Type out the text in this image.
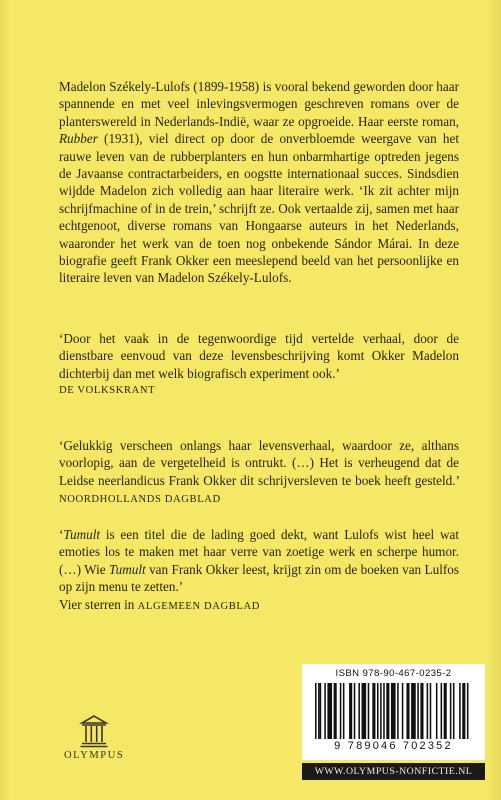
Madelon Székely-Lulofs (1899-1958) is vooral bekend geworden door haar spannende en met veel inlevingsvermogen geschreven romans over de planterswereld in Nederlands-Indië, waar ze opgroeide. Haar eerste roman, Rubber (1931), viel direct op door de onverbloemde weergave van het rauwe leven van de rubberplanters en hun onbarmhartige optreden jegens de Javaanse contractarbeiders, en oogstte internationaal succes. Sindsdien wijdde Madelon zich volledig aan haar literaire werk. ‘Ik zit achter mijn schrijfmachine of in de trein,’ schrijft ze. Ook vertaalde zij, samen met haar echtgenoot, diverse romans van Hongaarse auteurs in het Nederlands, waaronder het werk van de toen nog onbekende Sándor Márai. In deze biografie geeft Frank Okker een meeslepend beeld van het persoonlijke en literaire leven van Madelon Székely-Lulofs.

‘Door het vaak in de tegenwoordige tijd vertelde verhaal, door de dienstbare eenvoud van deze levensbeschrijving komt Okker Madelon dichterbij dan met welk biografisch experiment ook.’
DE VOLKSKRANT

‘Gelukkig verscheen onlangs haar levensverhaal, waardoor ze, althans voorlopig, aan de vergetelheid is ontrukt. (…) Het is verheugend dat de Leidse neerlandicus Frank Okker dit schrijversleven te boek heeft gesteld.’ NOORDHOLLANDS DAGBLAD

‘Tumult is een titel die de lading goed dekt, want Lulofs wist heel wat emoties los te maken met haar verre van zoetige werk en scherpe humor. (…) Wie Tumult van Frank Okker leest, krijgt zin om de boeken van Lulfos op zijn menu te zetten.’

Vier sterren in ALGEMEEN DAGBLAD

OLYMPUS
ISBN 978-90-467-0235-2
9 789046 702352
WWW.OLYMPUS-NONFICTIE.NL
